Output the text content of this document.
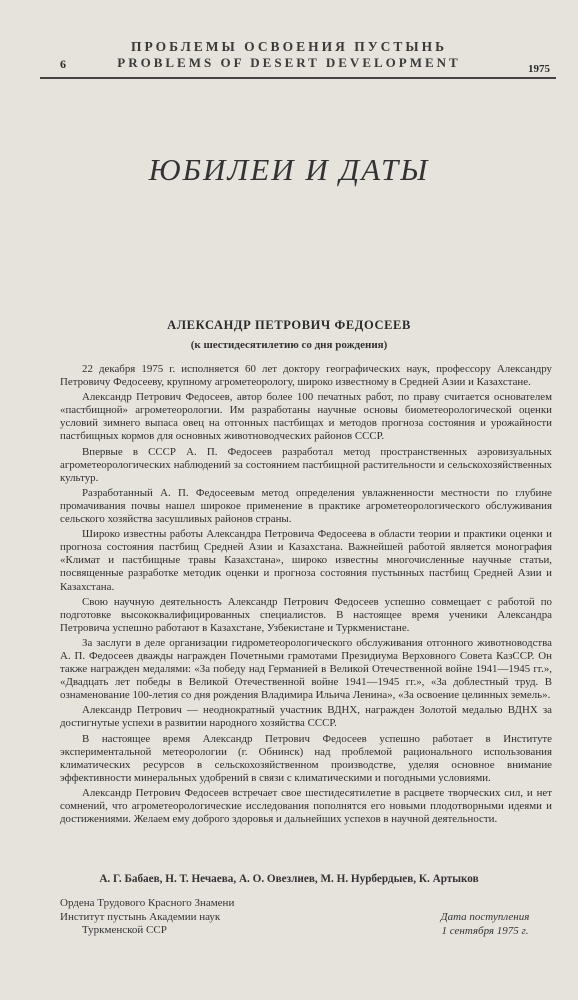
ПРОБЛЕМЫ ОСВОЕНИЯ ПУСТЫНЬ
PROBLEMS OF DESERT DEVELOPMENT
6	1975
ЮБИЛЕИ И ДАТЫ
АЛЕКСАНДР ПЕТРОВИЧ ФЕДОСЕЕВ
(к шестидесятилетию со дня рождения)

22 декабря 1975 г. исполняется 60 лет доктору географических наук, профессору Александру Петровичу Федосееву, крупному агрометеорологу, широко известному в Средней Азии и Казахстане.

Александр Петрович Федосеев, автор более 100 печатных работ, по праву считается основателем «пастбищной» агрометеорологии. Им разработаны научные основы биометеорологической оценки условий зимнего выпаса овец на отгонных пастбищах и методов прогноза состояния и урожайности пастбищных кормов для основных животноводческих районов СССР.

Впервые в СССР А. П. Федосеев разработал метод пространственных аэровизуальных агрометеорологических наблюдений за состоянием пастбищной растительности и сельскохозяйственных культур.

Разработанный А. П. Федосеевым метод определения увлажненности местности по глубине промачивания почвы нашел широкое применение в практике агрометеорологического обслуживания сельского хозяйства засушливых районов страны.

Широко известны работы Александра Петровича Федосеева в области теории и практики оценки и прогноза состояния пастбищ Средней Азии и Казахстана. Важнейшей работой является монография «Климат и пастбищные травы Казахстана», широко известны многочисленные научные статьи, посвященные разработке методик оценки и прогноза состояния пустынных пастбищ Средней Азии и Казахстана.

Свою научную деятельность Александр Петрович Федосеев успешно совмещает с работой по подготовке высококвалифицированных специалистов. В настоящее время ученики Александра Петровича успешно работают в Казахстане, Узбекистане и Туркменистане.

За заслуги в деле организации гидрометеорологического обслуживания отгонного животноводства А. П. Федосеев дважды награжден Почетными грамотами Президиума Верховного Совета КазССР. Он также награжден медалями: «За победу над Германией в Великой Отечественной войне 1941—1945 гг.», «Двадцать лет победы в Великой Отечественной войне 1941—1945 гг.», «За доблестный труд. В ознаменование 100-летия со дня рождения Владимира Ильича Ленина», «За освоение целинных земель».

Александр Петрович — неоднократный участник ВДНХ, награжден Золотой медалью ВДНХ за достигнутые успехи в развитии народного хозяйства СССР.

В настоящее время Александр Петрович Федосеев успешно работает в Институте экспериментальной метеорологии (г. Обнинск) над проблемой рационального использования климатических ресурсов в сельскохозяйственном производстве, уделяя основное внимание эффективности минеральных удобрений в связи с климатическими и погодными условиями.

Александр Петрович Федосеев встречает свое шестидесятилетие в расцвете творческих сил, и нет сомнений, что агрометеорологические исследования пополнятся его новыми плодотворными идеями и достижениями. Желаем ему доброго здоровья и дальнейших успехов в научной деятельности.

А. Г. Бабаев, Н. Т. Нечаева, А. О. Овезлиев, М. Н. Нурбердыев, К. Артыков
Ордена Трудового Красного Знамени
Институт пустынь Академии наук
Туркменской ССР
Дата поступления
1 сентября 1975 г.
